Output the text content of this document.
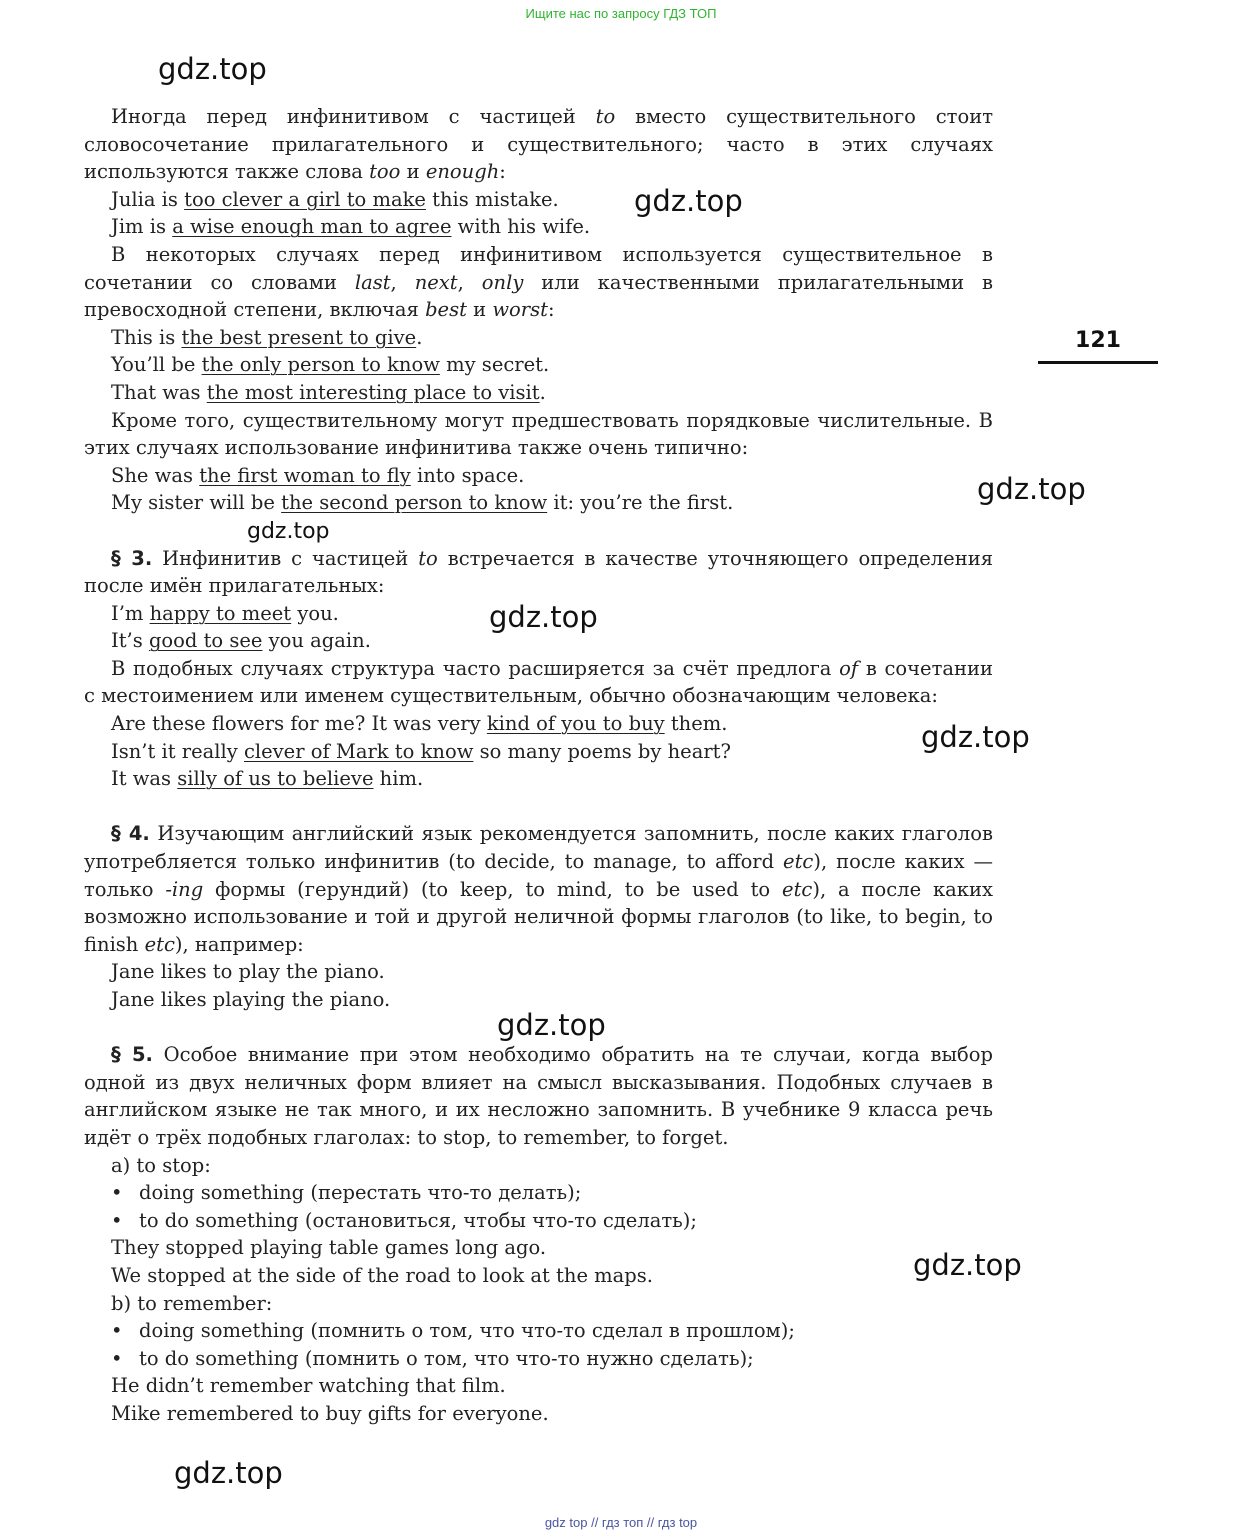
Ищите нас по запросу ГДЗ ТОП
gdz.top
gdz.top
gdz.top
gdz.top
gdz.top
gdz.top
gdz.top
gdz.top
gdz.top
121

Иногда перед инфинитивом с частицей to вместо существительного стоит словосочетание прилагательного и существительного; часто в этих случаях используются также слова too и enough:

Julia is too clever a girl to make this mistake.

Jim is a wise enough man to agree with his wife.

В некоторых случаях перед инфинитивом используется существительное в сочетании со словами last, next, only или качественными прилагательными в превосходной степени, включая best и worst:

This is the best present to give.

You’ll be the only person to know my secret.

That was the most interesting place to visit.

Кроме того, существительному могут предшествовать порядковые числительные. В этих случаях использование инфинитива также очень типично:

She was the first woman to fly into space.

My sister will be the second person to know it: you’re the first.

§ 3. Инфинитив с частицей to встречается в качестве уточняющего определения после имён прилагательных:

I’m happy to meet you.

It’s good to see you again.

В подобных случаях структура часто расширяется за счёт предлога of в сочетании с местоимением или именем существительным, обычно обозначающим человека:

Are these flowers for me? It was very kind of you to buy them.

Isn’t it really clever of Mark to know so many poems by heart?

It was silly of us to believe him.

§ 4. Изучающим английский язык рекомендуется запомнить, после каких глаголов употребляется только инфинитив (to decide, to manage, to afford etc), после каких — только -ing формы (герундий) (to keep, to mind, to be used to etc), а после каких возможно использование и той и другой неличной формы глаголов (to like, to begin, to finish etc), например:

Jane likes to play the piano.

Jane likes playing the piano.

§ 5. Особое внимание при этом необходимо обратить на те случаи, когда выбор одной из двух неличных форм влияет на смысл высказывания. Подобных случаев в английском языке не так много, и их несложно запомнить. В учебнике 9 класса речь идёт о трёх подобных глаголах: to stop, to remember, to forget.

a) to stop:

• doing something (перестать что-то делать);

• to do something (остановиться, чтобы что-то сделать);

They stopped playing table games long ago.

We stopped at the side of the road to look at the maps.

b) to remember:

• doing something (помнить о том, что что-то сделал в прошлом);

• to do something (помнить о том, что что-то нужно сделать);

He didn’t remember watching that film.

Mike remembered to buy gifts for everyone.

gdz top // гдз топ // гдз top
